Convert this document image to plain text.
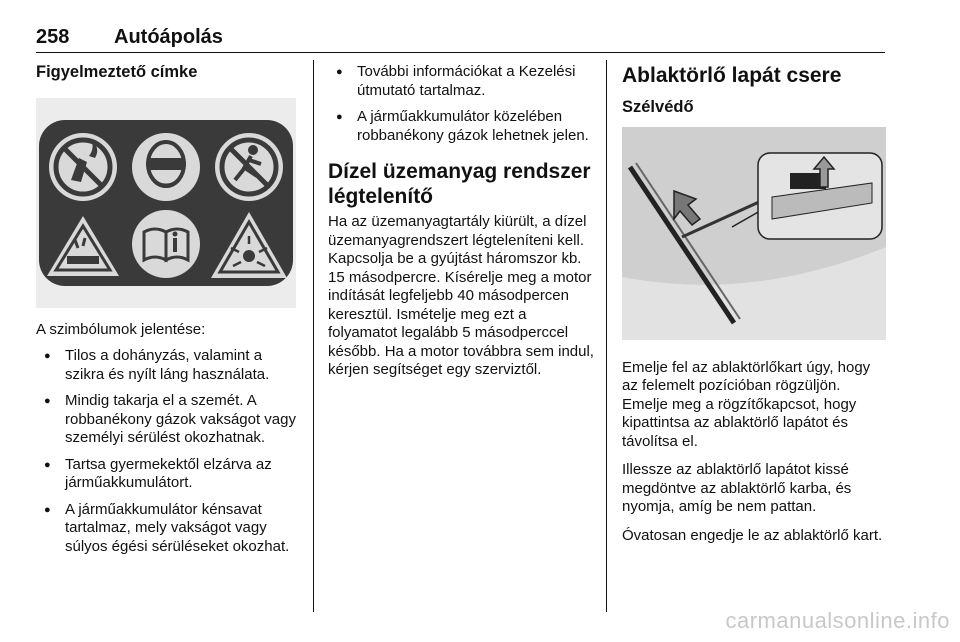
258 Autóápolás
Figyelmeztető címke

A szimbólumok jelentése:

● Tilos a dohányzás, valamint a szikra és nyílt láng használata.
● Mindig takarja el a szemét. A robbanékony gázok vakságot vagy személyi sérülést okozhatnak.
● Tartsa gyermekektől elzárva az járműakkumulátort.
● A járműakkumulátor kénsavat tartalmaz, mely vakságot vagy súlyos égési sérüléseket okozhat.
● További információkat a Kezelési útmutató tartalmaz.
● A járműakkumulátor közelében robbanékony gázok lehetnek jelen.
Dízel üzemanyag rendszer légtelenítő

Ha az üzemanyagtartály kiürült, a dízel üzemanyagrendszert légteleníteni kell. Kapcsolja be a gyújtást háromszor kb. 15 másodpercre. Kísérelje meg a motor indítását legfeljebb 40 másodpercen keresztül. Ismételje meg ezt a folyamatot legalább 5 másodperccel később. Ha a motor továbbra sem indul, kérjen segítséget egy szerviztől.

Ablaktörlő lapát csere
Szélvédő

Emelje fel az ablaktörlőkart úgy, hogy az felemelt pozícióban rögzüljön. Emelje meg a rögzítőkapcsot, hogy kipattintsa az ablaktörlő lapátot és távolítsa el.

Illessze az ablaktörlő lapátot kissé megdöntve az ablaktörlő karba, és nyomja, amíg be nem pattan.

Óvatosan engedje le az ablaktörlő kart.

carmanualsonline.info
